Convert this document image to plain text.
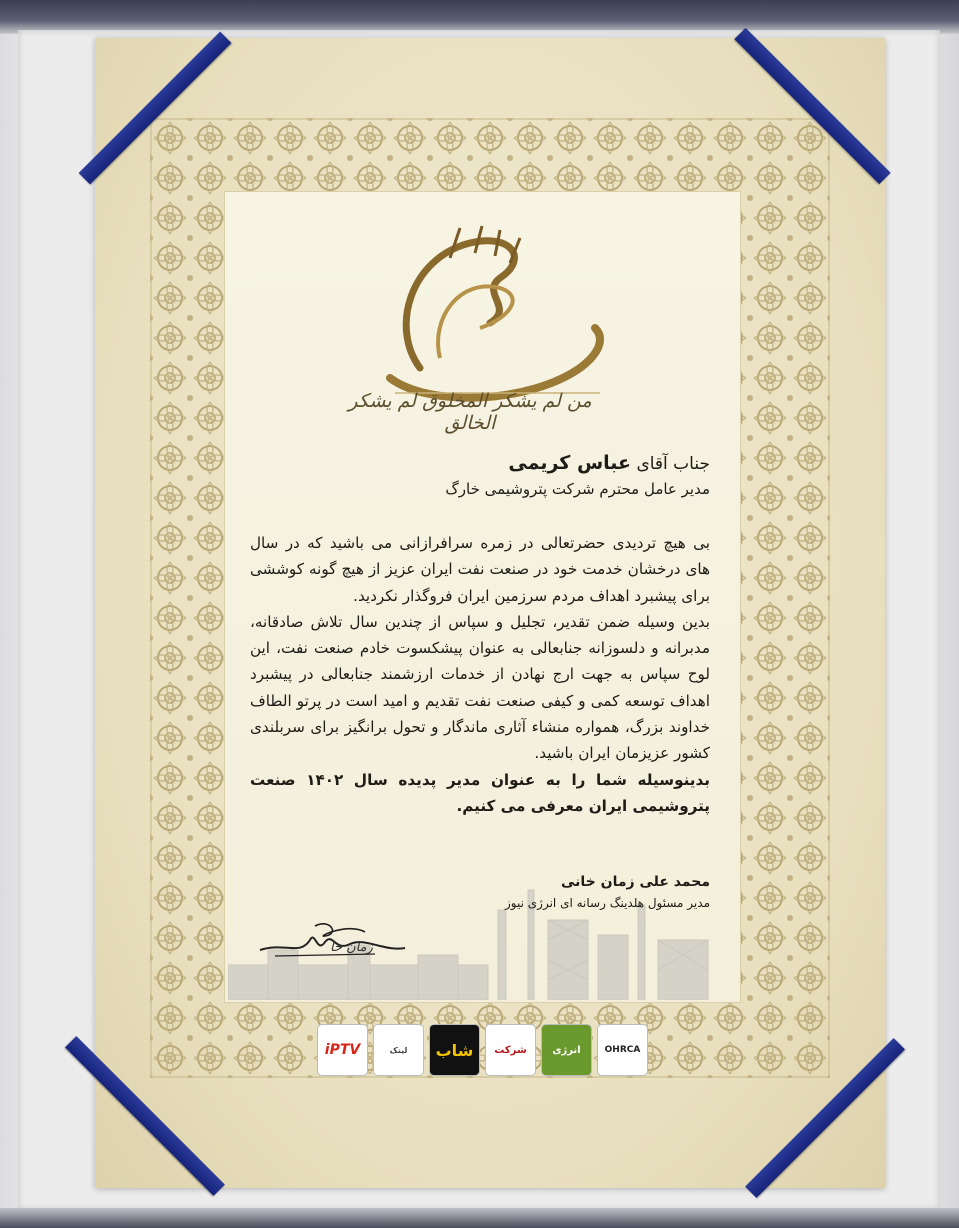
من لم یشکر المخلوق لم یشکر الخالق
جناب آقای عباس کریمی
مدیر عامل محترم شرکت پتروشیمی خارگ

بی هیچ تردیدی حضرتعالی در زمره سرافرازانی می باشید که در سال های درخشان خدمت خود در صنعت نفت ایران عزیز از هیچ گونه کوششی برای پیشبرد اهداف مردم سرزمین ایران فروگذار نکردید.

بدین وسیله ضمن تقدیر، تجلیل و سپاس از چندین سال تلاش صادقانه، مدبرانه و دلسوزانه جنابعالی به عنوان پیشکسوت خادم صنعت نفت، این لوح سپاس به جهت ارج نهادن از خدمات ارزشمند جنابعالی در پیشبرد اهداف توسعه کمی و کیفی صنعت نفت تقدیم و امید است در پرتو الطاف خداوند بزرگ، همواره منشاء آثاری ماندگار و تحول برانگیز برای سربلندی کشور عزیزمان ایران باشید.

بدینوسیله شما را به عنوان مدیر پدیده سال ۱۴۰۲ صنعت پتروشیمی ایران معرفی می کنیم.

محمد علی زمان خانی
مدیر مسئول هلدینگ رسانه ای انرژی نیوز
زمان خا
iPTV	لینک	شاب	شرکت	انرژی	OHRCA
